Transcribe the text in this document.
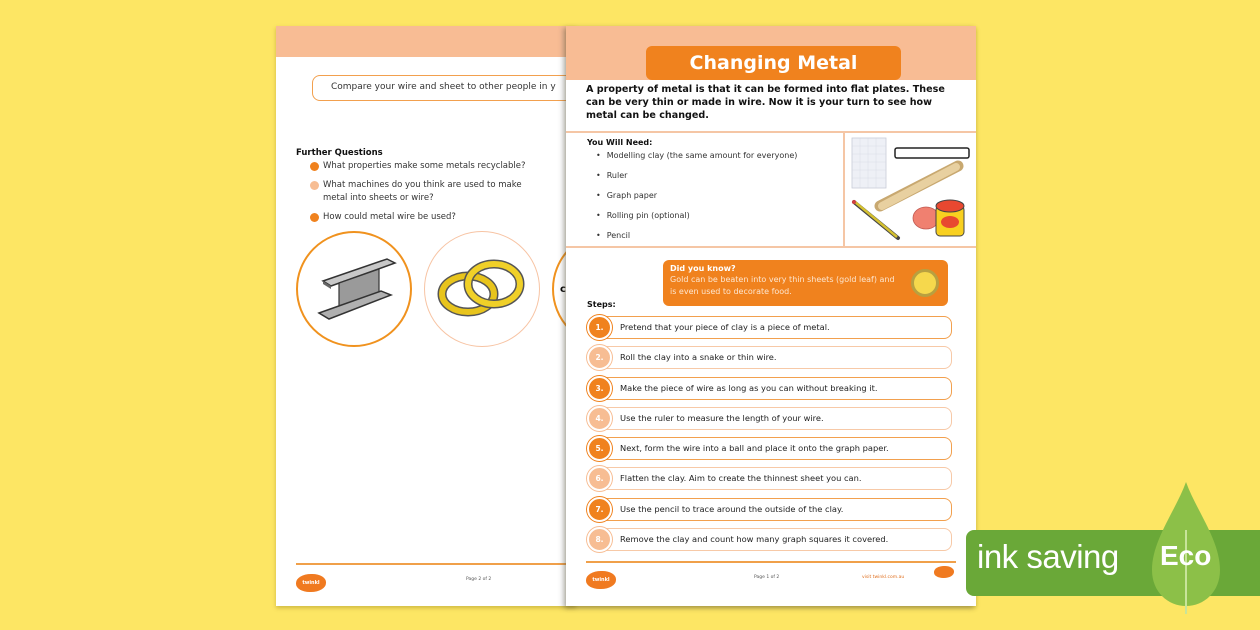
Compare your wire and sheet to other people in y
Further Questions
What properties make some metals recyclable?
What machines do you think are used to make metal into sheets or wire?
How could metal wire be used?
c
twinkl
Page 2 of 2
Changing Metal
A property of metal is that it can be formed into flat plates. These can be very thin or made in wire. Now it is your turn to see how metal can be changed.
You Will Need:
• Modelling clay (the same amount for everyone)
• Ruler
• Graph paper
• Rolling pin (optional)
• Pencil
Did you know?
Gold can be beaten into very thin sheets (gold leaf) and is even used to decorate food.
Steps:
1.	Pretend that your piece of clay is a piece of metal.
2.	Roll the clay into a snake or thin wire.
3.	Make the piece of wire as long as you can without breaking it.
4.	Use the ruler to measure the length of your wire.
5.	Next, form the wire into a ball and place it onto the graph paper.
6.	Flatten the clay. Aim to create the thinnest sheet you can.
7.	Use the pencil to trace around the outside of the clay.
8.	Remove the clay and count how many graph squares it covered.
twinkl	Page 1 of 2	visit twinkl.com.au
ink saving Eco
